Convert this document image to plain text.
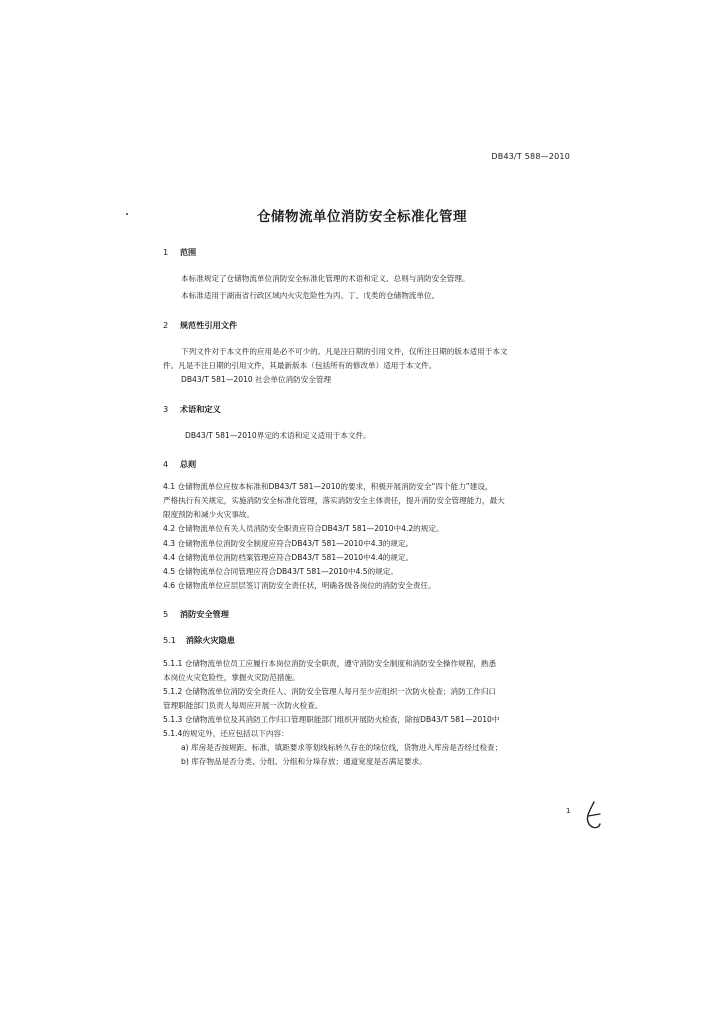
DB43/T 588—2010
仓储物流单位消防安全标准化管理
1 范围
本标准规定了仓储物流单位消防安全标准化管理的术语和定义、总则与消防安全管理。
本标准适用于湖南省行政区域内火灾危险性为丙、丁、戊类的仓储物流单位。
2 规范性引用文件
下列文件对于本文件的应用是必不可少的。凡是注日期的引用文件，仅所注日期的版本适用于本文
件。凡是不注日期的引用文件，其最新版本（包括所有的修改单）适用于本文件。
DB43/T 581—2010 社会单位消防安全管理
3 术语和定义
DB43/T 581—2010界定的术语和定义适用于本文件。
4 总则
4.1 仓储物流单位应按本标准和DB43/T 581—2010的要求，积极开展消防安全“四个能力”建设，
严格执行有关规定，实施消防安全标准化管理，落实消防安全主体责任，提升消防安全管理能力，最大
限度预防和减少火灾事故。
4.2 仓储物流单位有关人员消防安全职责应符合DB43/T 581—2010中4.2的规定。
4.3 仓储物流单位消防安全制度应符合DB43/T 581—2010中4.3的规定。
4.4 仓储物流单位消防档案管理应符合DB43/T 581—2010中4.4的规定。
4.5 仓储物流单位合同管理应符合DB43/T 581—2010中4.5的规定。
4.6 仓储物流单位应层层签订消防安全责任状，明确各级各岗位的消防安全责任。
5 消防安全管理
5.1 消除火灾隐患
5.1.1 仓储物流单位员工应履行本岗位消防安全职责，遵守消防安全制度和消防安全操作规程，熟悉
本岗位火灾危险性，掌握火灾防范措施。
5.1.2 仓储物流单位消防安全责任人、消防安全管理人每月至少应组织一次防火检查；消防工作归口
管理职能部门负责人每周应开展一次防火检查。
5.1.3 仓储物流单位及其消防工作归口管理职能部门组织开展防火检查，除按DB43/T 581—2010中
5.1.4的规定外，还应包括以下内容：
a) 库房是否按规距、标准，填距要求等划线标转久存在的垛位线，货物进入库房是否经过检查；
b) 库存物品是否分类、分组、分组和分垛存放；通道宽度是否满足要求。
1
